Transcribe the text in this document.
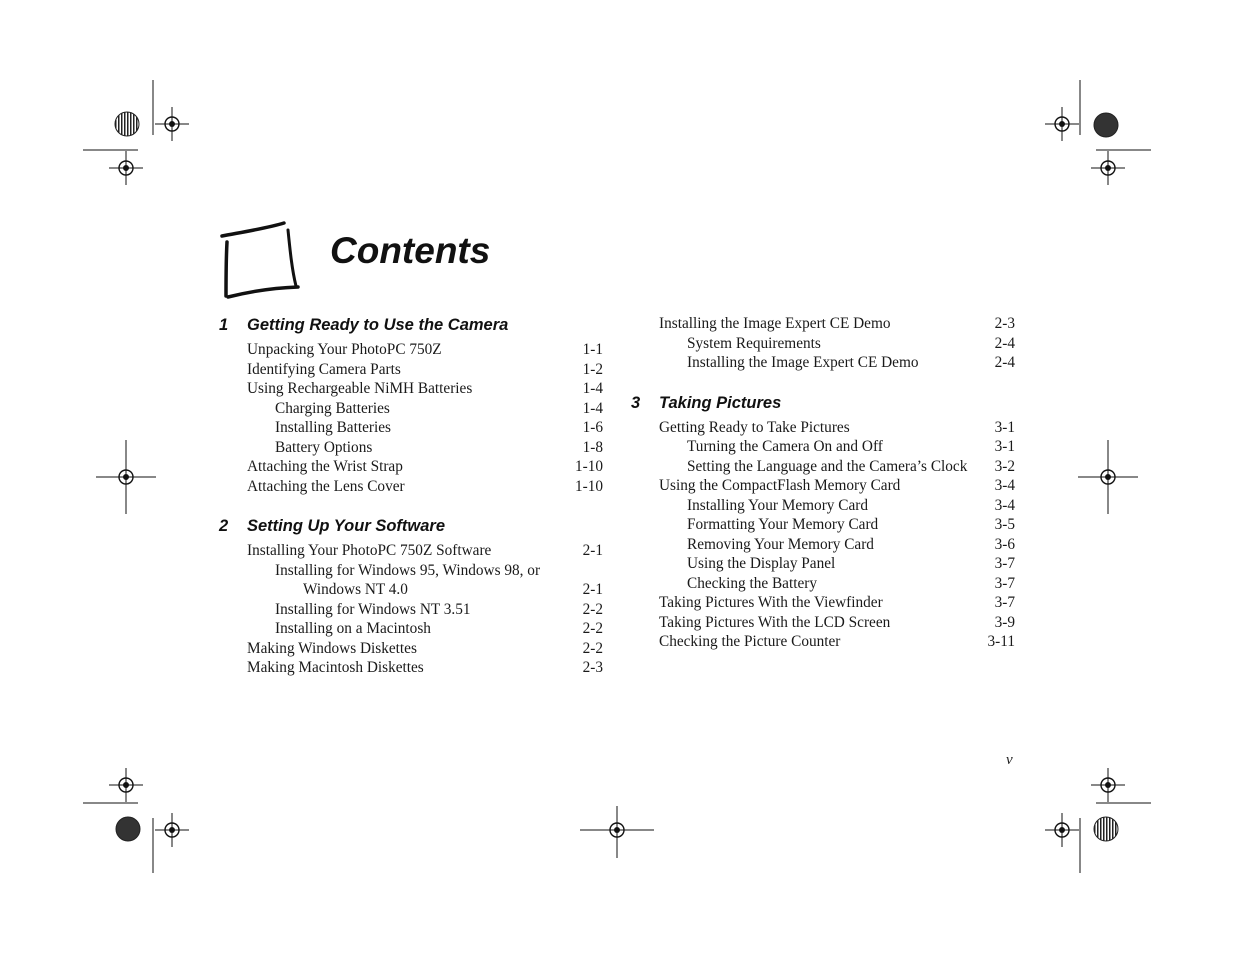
Contents
1	Getting Ready to Use the Camera
Unpacking Your PhotoPC 750Z	1-1
Identifying Camera Parts	1-2
Using Rechargeable NiMH Batteries	1-4
Charging Batteries	1-4
Installing Batteries	1-6
Battery Options	1-8
Attaching the Wrist Strap	1-10
Attaching the Lens Cover	1-10
2	Setting Up Your Software
Installing Your PhotoPC 750Z Software	2-1
Installing for Windows 95, Windows 98, or
Windows NT 4.0	2-1
Installing for Windows NT 3.51	2-2
Installing on a Macintosh	2-2
Making Windows Diskettes	2-2
Making Macintosh Diskettes	2-3
Installing the Image Expert CE Demo	2-3
System Requirements	2-4
Installing the Image Expert CE Demo	2-4
3	Taking Pictures
Getting Ready to Take Pictures	3-1
Turning the Camera On and Off	3-1
Setting the Language and the Camera’s Clock 3-2
Using the CompactFlash Memory Card	3-4
Installing Your Memory Card	3-4
Formatting Your Memory Card	3-5
Removing Your Memory Card	3-6
Using the Display Panel	3-7
Checking the Battery	3-7
Taking Pictures With the Viewfinder	3-7
Taking Pictures With the LCD Screen	3-9
Checking the Picture Counter	3-11
v
